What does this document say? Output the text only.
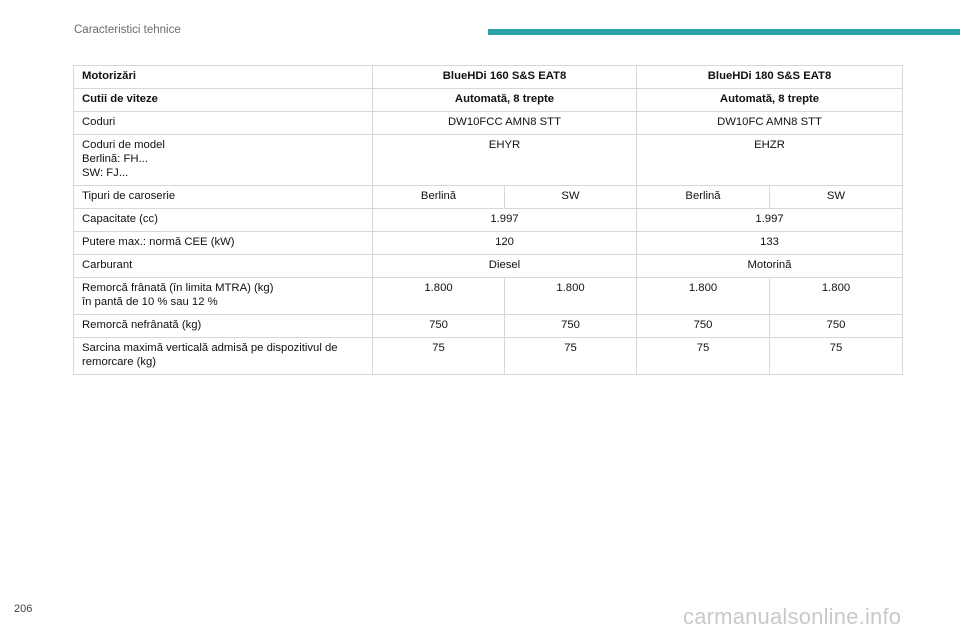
Caracteristici tehnice
Motorizări	BlueHDi 160 S&S EAT8		BlueHDi 180 S&S EAT8	
Cutii de viteze	Automată, 8 trepte		Automată, 8 trepte	
Coduri	DW10FCC AMN8 STT		DW10FC AMN8 STT	
Coduri de model
Berlină: FH...
SW: FJ...	EHYR		EHZR	
Tipuri de caroserie	Berlină	SW	Berlină	SW
Capacitate (cc)	1.997		1.997	
Putere max.: normă CEE (kW)	120		133	
Carburant	Diesel		Motorină	
Remorcă frânată (în limita MTRA) (kg)
în pantă de 10 % sau 12 %	1.800	1.800	1.800	1.800
Remorcă nefrânată (kg)	750	750	750	750
Sarcina maximă verticală admisă pe dispozitivul de remorcare (kg)	75	75	75	75
206	carmanualsonline.info
